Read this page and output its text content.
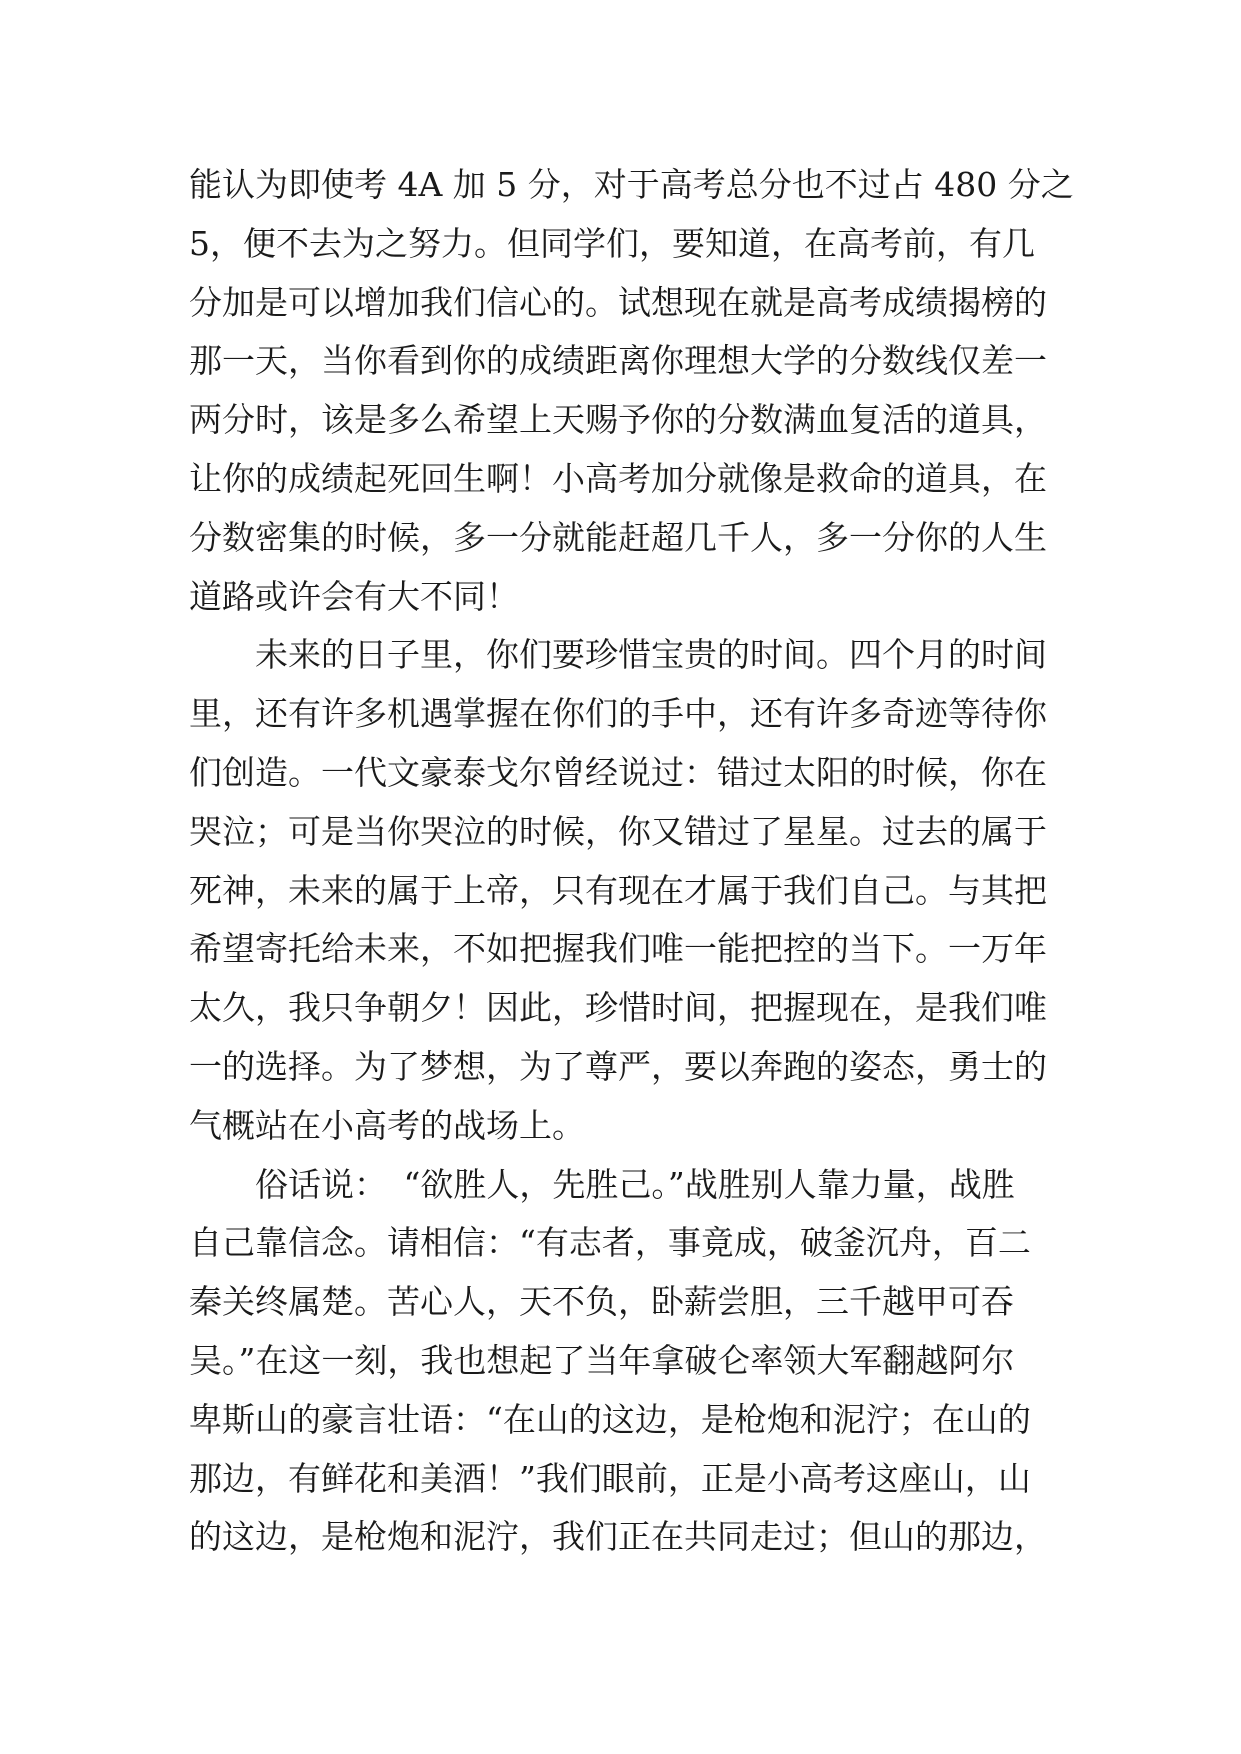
能认为即使考 4A 加 5 分，对于高考总分也不过占 480 分之
5，便不去为之努力。但同学们，要知道，在高考前，有几
分加是可以增加我们信心的。试想现在就是高考成绩揭榜的
那一天，当你看到你的成绩距离你理想大学的分数线仅差一
两分时，该是多么希望上天赐予你的分数满血复活的道具，
让你的成绩起死回生啊！小高考加分就像是救命的道具，在
分数密集的时候，多一分就能赶超几千人，多一分你的人生
道路或许会有大不同！
　　未来的日子里，你们要珍惜宝贵的时间。四个月的时间
里，还有许多机遇掌握在你们的手中，还有许多奇迹等待你
们创造。一代文豪泰戈尔曾经说过：错过太阳的时候，你在
哭泣；可是当你哭泣的时候，你又错过了星星。过去的属于
死神，未来的属于上帝，只有现在才属于我们自己。与其把
希望寄托给未来，不如把握我们唯一能把控的当下。一万年
太久，我只争朝夕！因此，珍惜时间，把握现在，是我们唯
一的选择。为了梦想，为了尊严，要以奔跑的姿态，勇士的
气概站在小高考的战场上。
　　俗话说：　“欲胜人，先胜己。”战胜别人靠力量，战胜
自己靠信念。请相信：“有志者，事竟成，破釜沉舟，百二
秦关终属楚。苦心人，天不负，卧薪尝胆，三千越甲可吞
吴。”在这一刻，我也想起了当年拿破仑率领大军翻越阿尔
卑斯山的豪言壮语：“在山的这边，是枪炮和泥泞；在山的
那边，有鲜花和美酒！”我们眼前，正是小高考这座山，山
的这边，是枪炮和泥泞，我们正在共同走过；但山的那边，
